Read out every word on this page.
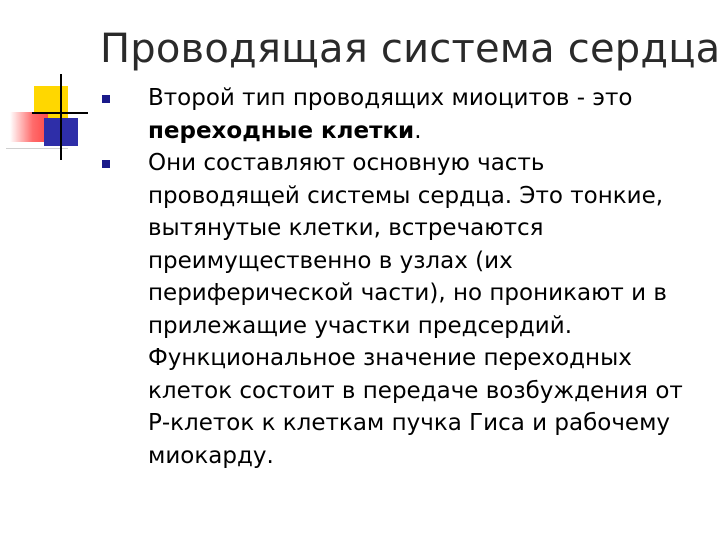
Проводящая система сердца
Второй тип проводящих миоцитов - это переходные клетки.
Они составляют основную часть проводящей системы сердца. Это тонкие, вытянутые клетки, встречаются преимущественно в узлах (их периферической части), но проникают и в прилежащие участки предсердий. Функциональное значение переходных клеток состоит в передаче возбуждения от Р-клеток к клеткам пучка Гиса и рабочему миокарду.
